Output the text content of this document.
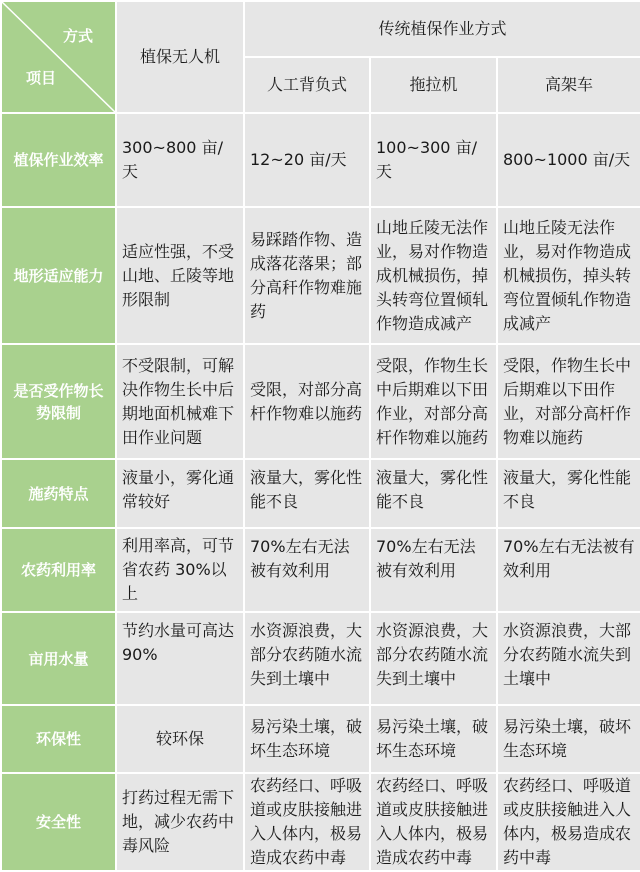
方式
项目	植保无人机	传统植保作业方式		
		人工背负式	拖拉机	高架车
植保作业效率	300~800 亩/天	12~20 亩/天	100~300 亩/天	800~1000 亩/天
地形适应能力	适应性强，不受山地、丘陵等地形限制	易踩踏作物、造成落花落果；部分高秆作物难施药	山地丘陵无法作业，易对作物造成机械损伤，掉头转弯位置倾轧作物造成减产	山地丘陵无法作业，易对作物造成机械损伤，掉头转弯位置倾轧作物造成减产
是否受作物长势限制	不受限制，可解决作物生长中后期地面机械难下田作业问题	受限，对部分高杆作物难以施药	受限，作物生长中后期难以下田作业，对部分高杆作物难以施药	受限，作物生长中后期难以下田作业，对部分高杆作物难以施药
施药特点	液量小，雾化通常较好	液量大，雾化性能不良	液量大，雾化性能不良	液量大，雾化性能不良
农药利用率	利用率高，可节省农药 30%以上	70%左右无法被有效利用	70%左右无法被有效利用	70%左右无法被有效利用
亩用水量	节约水量可高达90%	水资源浪费，大部分农药随水流失到土壤中	水资源浪费，大部分农药随水流失到土壤中	水资源浪费，大部分农药随水流失到土壤中
环保性	较环保	易污染土壤，破坏生态环境	易污染土壤，破坏生态环境	易污染土壤，破坏生态环境
安全性	打药过程无需下地，减少农药中毒风险	农药经口、呼吸道或皮肤接触进入人体内，极易造成农药中毒	农药经口、呼吸道或皮肤接触进入人体内，极易造成农药中毒	农药经口、呼吸道或皮肤接触进入人体内，极易造成农药中毒
